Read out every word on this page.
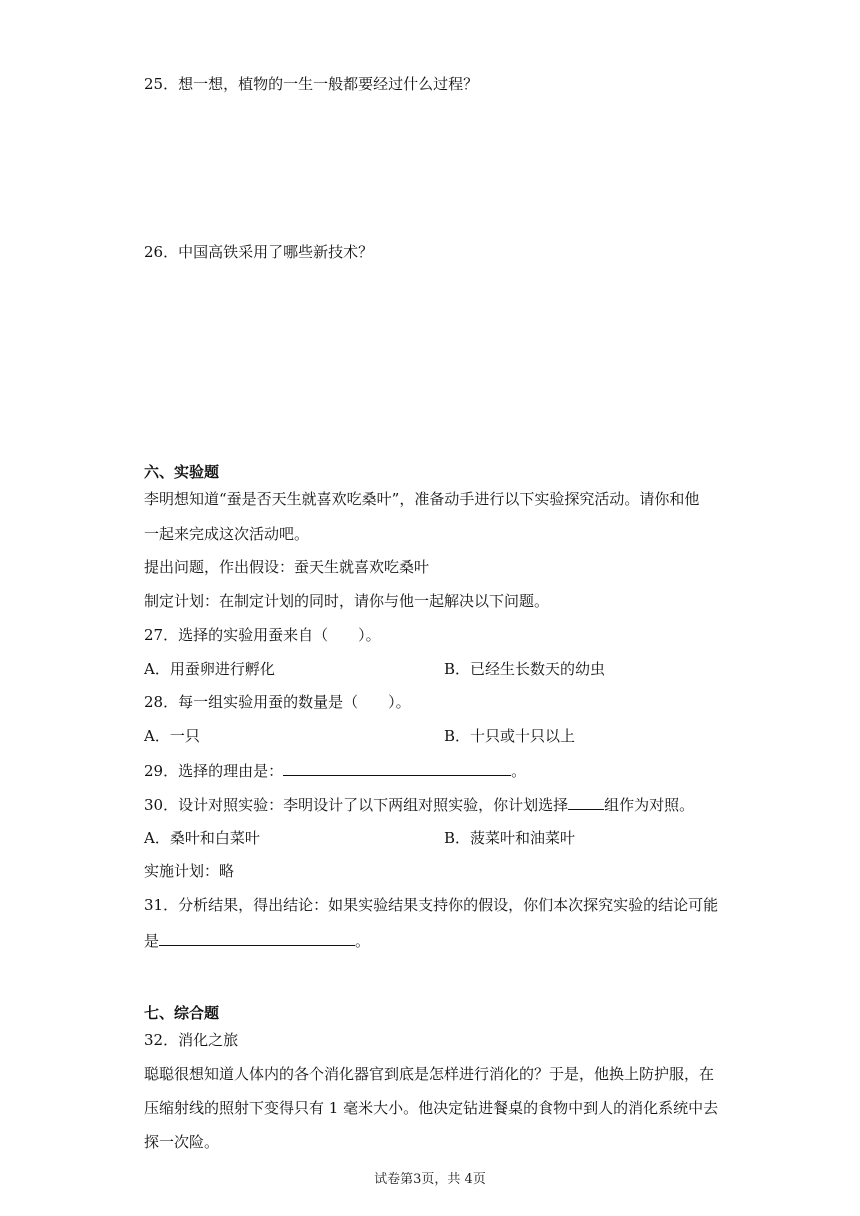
25．想一想，植物的一生一般都要经过什么过程？
26．中国高铁采用了哪些新技术？
六、实验题
李明想知道“蚕是否天生就喜欢吃桑叶”，准备动手进行以下实验探究活动。请你和他
一起来完成这次活动吧。
提出问题，作出假设：蚕天生就喜欢吃桑叶
制定计划：在制定计划的同时，请你与他一起解决以下问题。
27．选择的实验用蚕来自（　　）。
A．用蚕卵进行孵化	B．已经生长数天的幼虫
28．每一组实验用蚕的数量是（　　）。
A．一只	B．十只或十只以上
29．选择的理由是：	。
30．设计对照实验：李明设计了以下两组对照实验，你计划选择 组作为对照。
A．桑叶和白菜叶	B．菠菜叶和油菜叶
实施计划：略
31．分析结果，得出结论：如果实验结果支持你的假设，你们本次探究实验的结论可能
是	。
七、综合题
32．消化之旅
聪聪很想知道人体内的各个消化器官到底是怎样进行消化的？于是，他换上防护服，在
压缩射线的照射下变得只有 1 毫米大小。他决定钻进餐桌的食物中到人的消化系统中去
探一次险。
试卷第3页，共 4页
